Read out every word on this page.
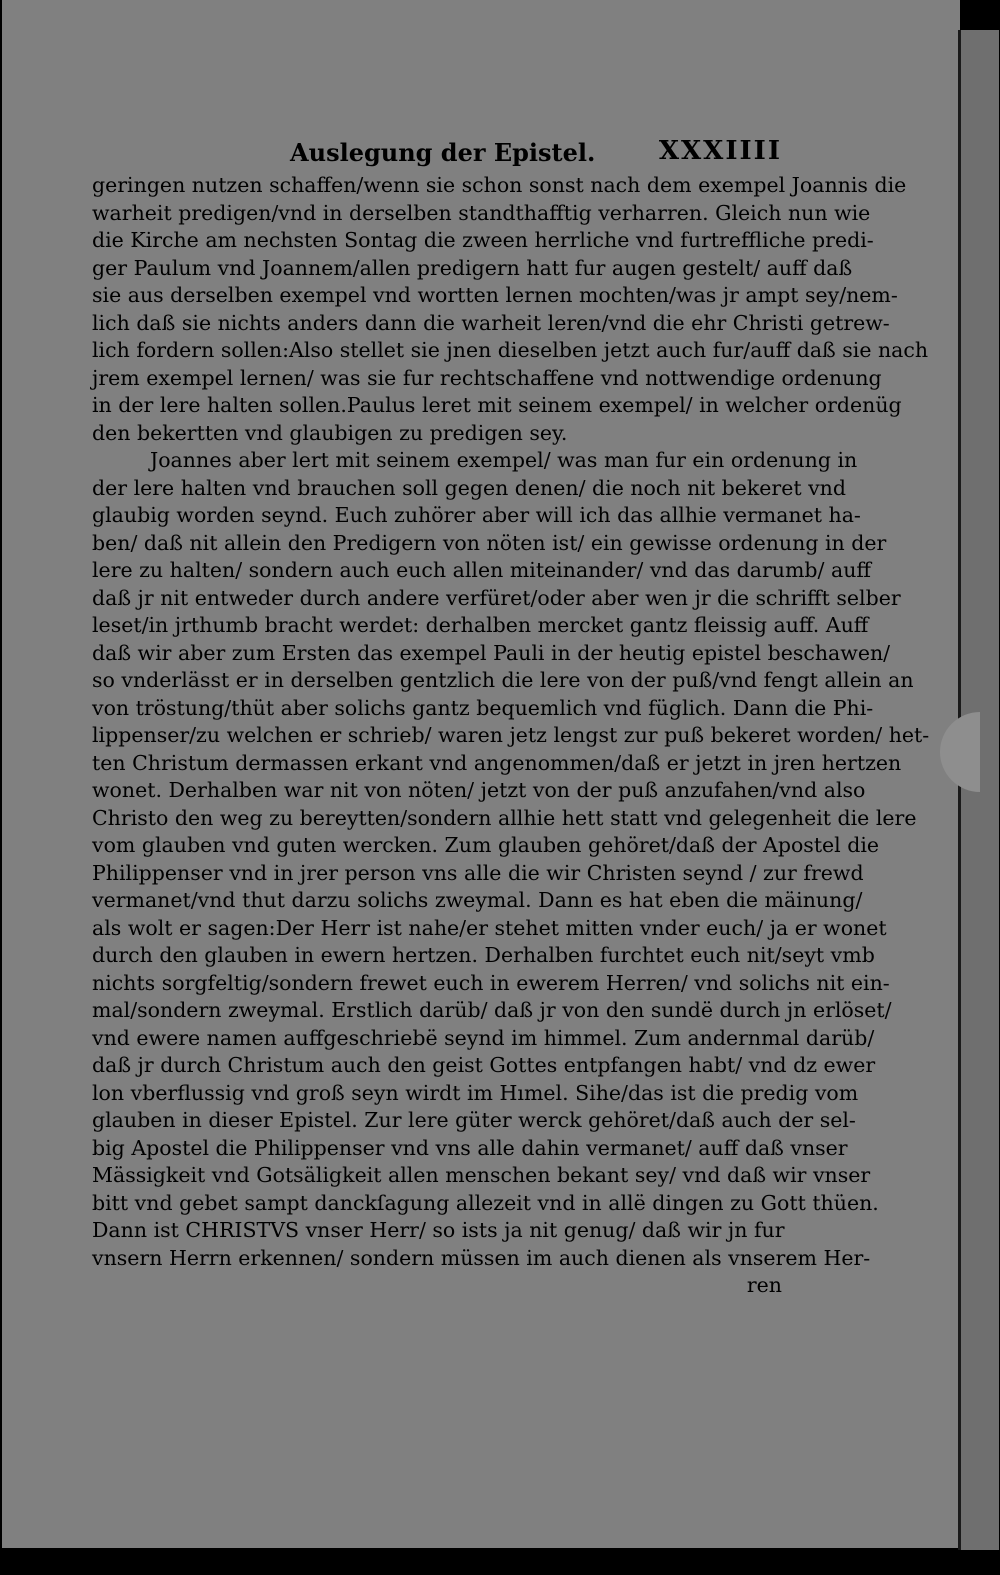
Auslegung der Epistel. XXXIIII
geringen nutzen schaffen/wenn sie schon sonst nach dem exempel Joannis die
warheit predigen/vnd in derselben standthafftig verharren. Gleich nun wie
die Kirche am nechsten Sontag die zween herrliche vnd furtreffliche predi-
ger Paulum vnd Joannem/allen predigern hatt fur augen gestelt/ auff daß
sie aus derselben exempel vnd wortten lernen mochten/was jr ampt sey/nem-
lich daß sie nichts anders dann die warheit leren/vnd die ehr Christi getrew-
lich fordern sollen:Also stellet sie jnen dieselben jetzt auch fur/auff daß sie nach
jrem exempel lernen/ was sie fur rechtschaffene vnd nottwendige ordenung
in der lere halten sollen.Paulus leret mit seinem exempel/ in welcher ordenüg
den bekertten vnd glaubigen zu predigen sey.
Joannes aber lert mit seinem exempel/ was man fur ein ordenung in
der lere halten vnd brauchen soll gegen denen/ die noch nit bekeret vnd
glaubig worden seynd. Euch zuhörer aber will ich das allhie vermanet ha-
ben/ daß nit allein den Predigern von nöten ist/ ein gewisse ordenung in der
lere zu halten/ sondern auch euch allen miteinander/ vnd das darumb/ auff
daß jr nit entweder durch andere verfüret/oder aber wen jr die schrifft selber
leset/in jrthumb bracht werdet: derhalben mercket gantz fleissig auff. Auff
daß wir aber zum Ersten das exempel Pauli in der heutig epistel beschawen/
so vnderlässt er in derselben gentzlich die lere von der puß/vnd fengt allein an
von tröstung/thüt aber solichs gantz bequemlich vnd füglich. Dann die Phi-
lippenser/zu welchen er schrieb/ waren jetz lengst zur puß bekeret worden/ het-
ten Christum dermassen erkant vnd angenommen/daß er jetzt in jren hertzen
wonet. Derhalben war nit von nöten/ jetzt von der puß anzufahen/vnd also
Christo den weg zu bereytten/sondern allhie hett statt vnd gelegenheit die lere
vom glauben vnd guten wercken. Zum glauben gehöret/daß der Apostel die
Philippenser vnd in jrer person vns alle die wir Christen seynd / zur frewd
vermanet/vnd thut darzu solichs zweymal. Dann es hat eben die mäinung/
als wolt er sagen:Der Herr ist nahe/er stehet mitten vnder euch/ ja er wonet
durch den glauben in ewern hertzen. Derhalben furchtet euch nit/seyt vmb
nichts sorgfeltig/sondern frewet euch in ewerem Herren/ vnd solichs nit ein-
mal/sondern zweymal. Erstlich darüb/ daß jr von den sundë durch jn erlöset/
vnd ewere namen auffgeschriebë seynd im himmel. Zum andernmal darüb/
daß jr durch Christum auch den geist Gottes entpfangen habt/ vnd dz ewer
lon vberflussig vnd groß seyn wirdt im Hımel. Sihe/das ist die predig vom
glauben in dieser Epistel. Zur lere güter werck gehöret/daß auch der sel-
big Apostel die Philippenser vnd vns alle dahin vermanet/ auff daß vnser
Mässigkeit vnd Gotsäligkeit allen menschen bekant sey/ vnd daß wir vnser
bitt vnd gebet sampt danckſagung allezeit vnd in allë dingen zu Gott thüen.
Dann ist CHRISTVS vnser Herr/ so ists ja nit genug/ daß wir jn fur
vnsern Herrn erkennen/ sondern müssen im auch dienen als vnserem Her-
ren
